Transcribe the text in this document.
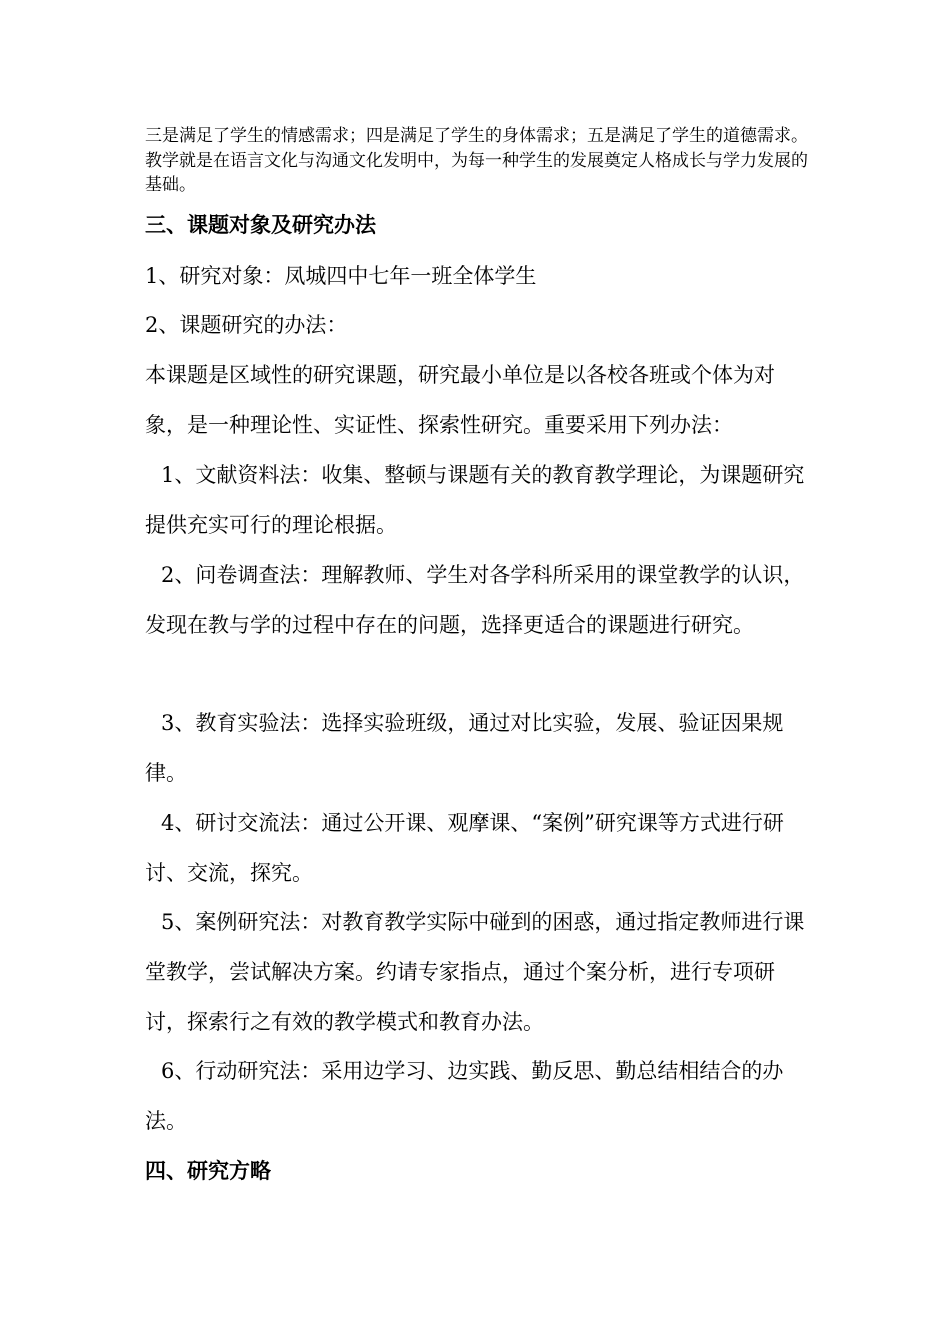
三是满足了学生的情感需求；四是满足了学生的身体需求；五是满足了学生的道德需求。教学就是在语言文化与沟通文化发明中，为每一种学生的发展奠定人格成长与学力发展的基础。

三、课题对象及研究办法

1、研究对象：凤城四中七年一班全体学生

2、课题研究的办法：

本课题是区域性的研究课题，研究最小单位是以各校各班或个体为对象，是一种理论性、实证性、探索性研究。重要采用下列办法：

1、文献资料法：收集、整顿与课题有关的教育教学理论，为课题研究提供充实可行的理论根据。

2、问卷调查法：理解教师、学生对各学科所采用的课堂教学的认识，发现在教与学的过程中存在的问题，选择更适合的课题进行研究。

3、教育实验法：选择实验班级，通过对比实验，发展、验证因果规律。

4、研讨交流法：通过公开课、观摩课、“案例”研究课等方式进行研讨、交流，探究。

5、案例研究法：对教育教学实际中碰到的困惑，通过指定教师进行课堂教学，尝试解决方案。约请专家指点，通过个案分析，进行专项研讨，探索行之有效的教学模式和教育办法。

6、行动研究法：采用边学习、边实践、勤反思、勤总结相结合的办法。

四、研究方略
